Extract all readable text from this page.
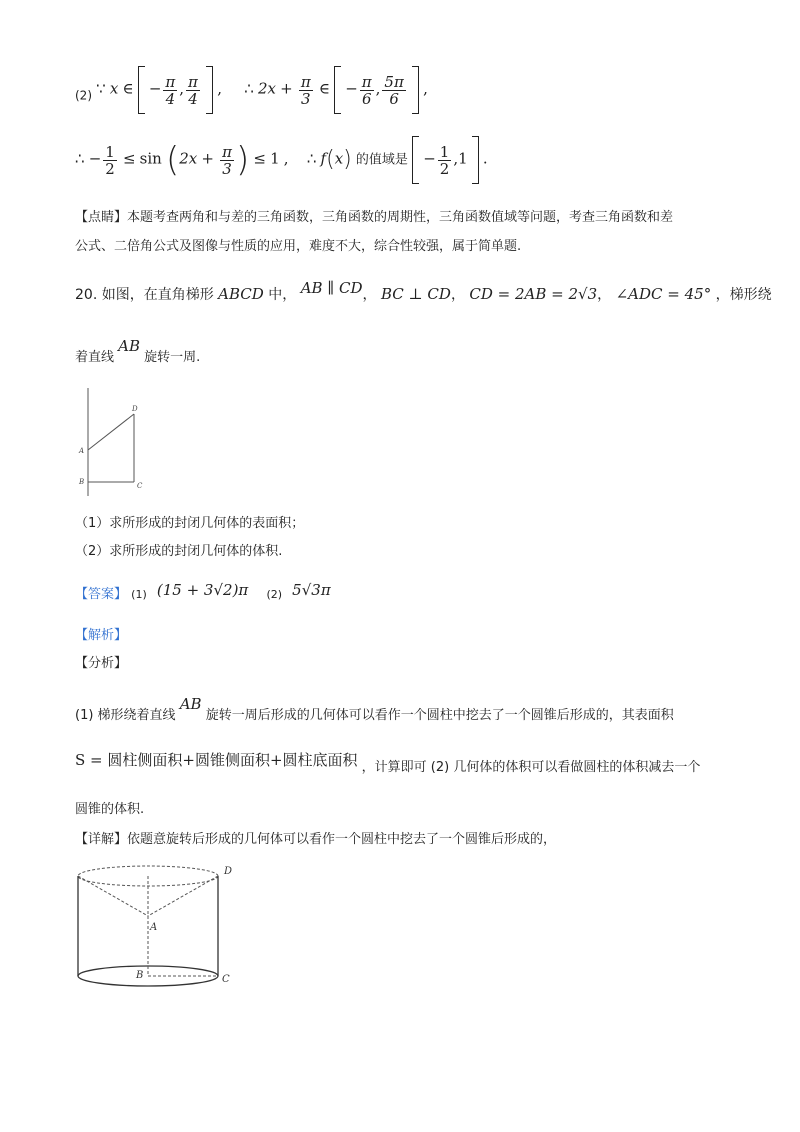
(2) ∵ x ∈ − $\frac{\pi}{4}$ , $\frac{\pi}{4}$ , ∴ $2x + \frac{\pi}{3}$ ∈ − $\frac{\pi}{6}$ , $\frac{5\pi}{6}$ ,
∴ − $\frac{1}{2} \le \sin (2x + \frac{\pi}{3}$ ) ≤ 1 , ∴ f(x) 的值域是 − $\frac{1}{2} ,1$ .
【点睛】本题考查两角和与差的三角函数，三角函数的周期性，三角函数值域等问题，考查三角函数和差
公式、二倍角公式及图像与性质的应用，难度不大，综合性较强，属于简单题.
20. 如图，在直角梯形 ABCD 中， AB ∥ CD， BC ⊥ CD， CD = 2AB = 2√3， ∠ADC = 45° ，梯形绕
着直线 AB 旋转一周.
D
A
B	C
（1）求所形成的封闭几何体的表面积；
（2）求所形成的封闭几何体的体积.
【答案】 (1) (15 + 3√2)π (2) 5√3π
【解析】
【分析】
(1) 梯形绕着直线 AB 旋转一周后形成的几何体可以看作一个圆柱中挖去了一个圆锥后形成的，其表面积
S = 圆柱侧面积+圆锥侧面积+圆柱底面积 ，计算即可 (2) 几何体的体积可以看做圆柱的体积减去一个
圆锥的体积.
【详解】依题意旋转后形成的几何体可以看作一个圆柱中挖去了一个圆锥后形成的，
D
A
B	C
